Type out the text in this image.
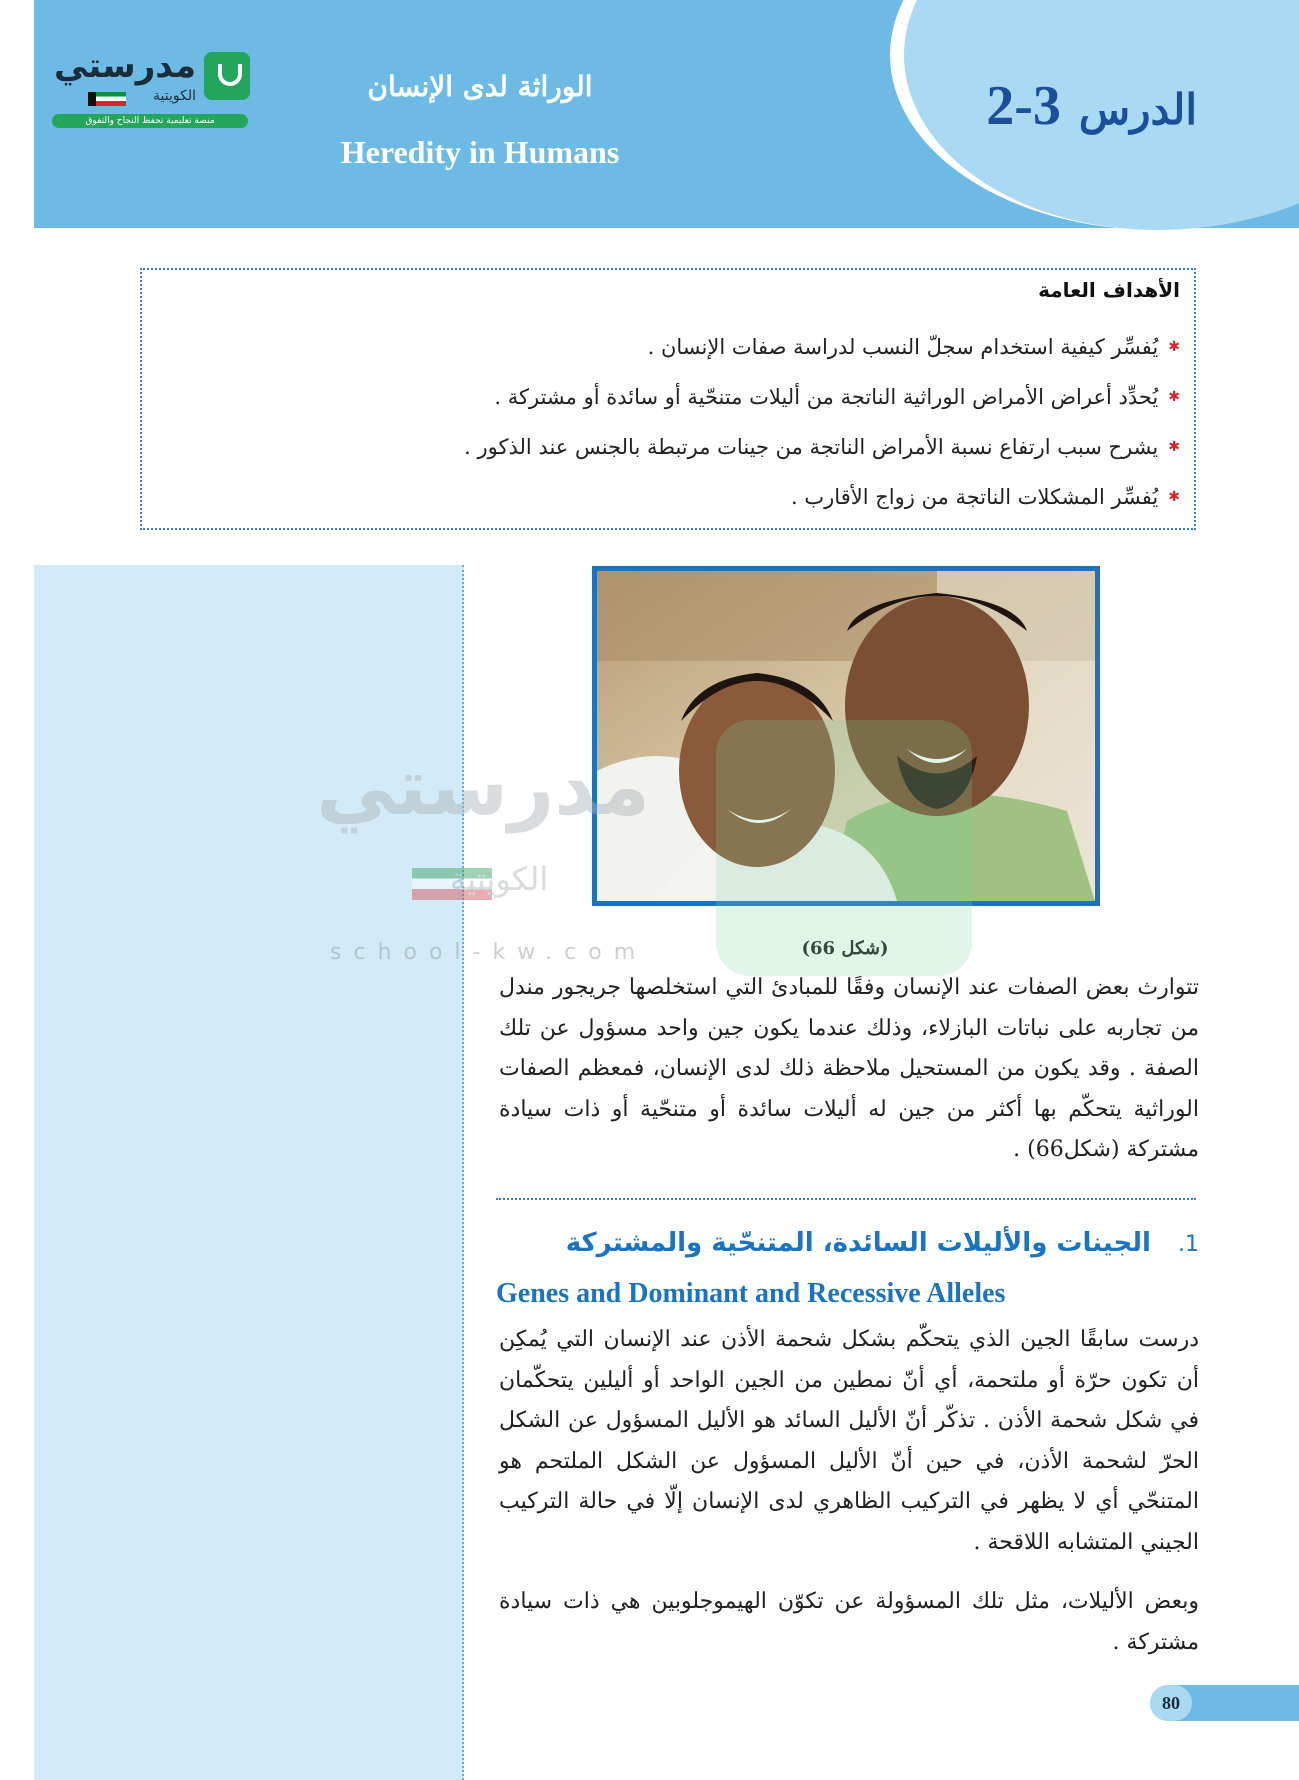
الدرس
2-3
الوراثة لدى الإنسان
Heredity in Humans
مدرستي
الكويتية
منصة تعليمية تحفظ النجاح والتفوق
الأهداف العامة
✱
يُفسِّر كيفية استخدام سجلّ النسب لدراسة صفات الإنسان .
✱
يُحدِّد أعراض الأمراض الوراثية الناتجة من أليلات متنحّية أو سائدة أو مشتركة .
✱
يشرح سبب ارتفاع نسبة الأمراض الناتجة من جينات مرتبطة بالجنس عند الذكور .
✱
يُفسِّر المشكلات الناتجة من زواج الأقارب .
(شكل 66)

تتوارث بعض الصفات عند الإنسان وفقًا للمبادئ التي استخلصها جريجور مندل من تجاربه على نباتات البازلاء، وذلك عندما يكون جين واحد مسؤول عن تلك الصفة . وقد يكون من المستحيل ملاحظة ذلك لدى الإنسان، فمعظم الصفات الوراثية يتحكّم بها أكثر من جين له أليلات سائدة أو متنحّية أو ذات سيادة مشتركة (شكل66) .

1. الجينات والأليلات السائدة، المتنحّية والمشتركة
Genes and Dominant and Recessive Alleles

درست سابقًا الجين الذي يتحكّم بشكل شحمة الأذن عند الإنسان التي يُمكِن أن تكون حرّة أو ملتحمة، أي أنّ نمطين من الجين الواحد أو أليلين يتحكّمان في شكل شحمة الأذن . تذكّر أنّ الأليل السائد هو الأليل المسؤول عن الشكل الحرّ لشحمة الأذن، في حين أنّ الأليل المسؤول عن الشكل الملتحم هو المتنحّي أي لا يظهر في التركيب الظاهري لدى الإنسان إلّا في حالة التركيب الجيني المتشابه اللاقحة .

وبعض الأليلات، مثل تلك المسؤولة عن تكوّن الهيموجلوبين هي ذات سيادة مشتركة .

80
مدرستي
الكويتية
school-kw.com
